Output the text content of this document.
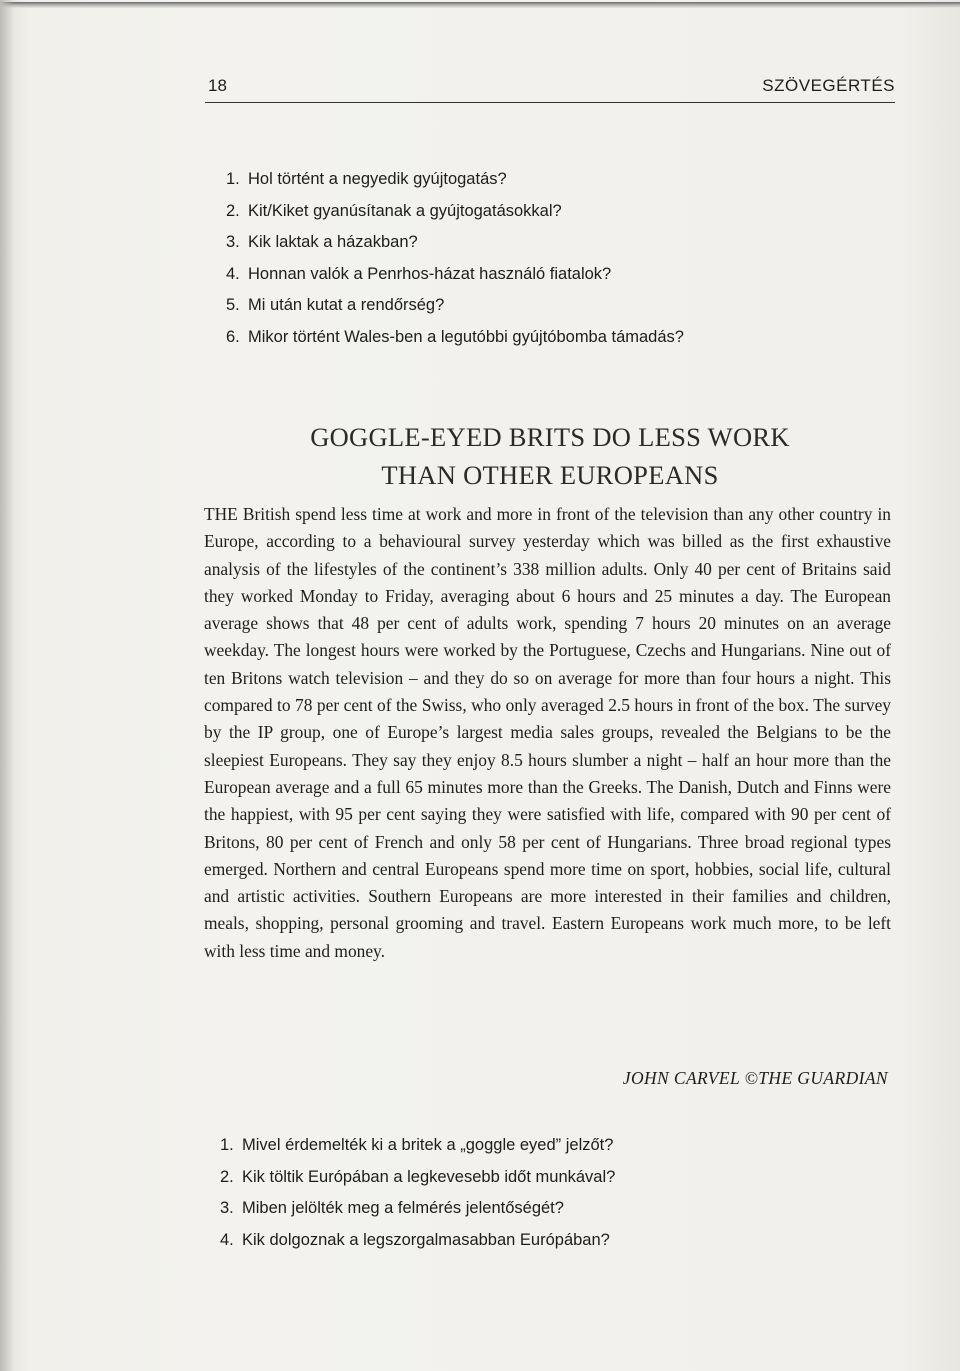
18	SZÖVEGÉRTÉS
1. Hol történt a negyedik gyújtogatás?
2. Kit/Kiket gyanúsítanak a gyújtogatásokkal?
3. Kik laktak a házakban?
4. Honnan valók a Penrhos-házat használó fiatalok?
5. Mi után kutat a rendőrség?
6. Mikor történt Wales-ben a legutóbbi gyújtóbomba támadás?
GOGGLE-EYED BRITS DO LESS WORK
THAN OTHER EUROPEANS

THE British spend less time at work and more in front of the television than any other country in Europe, according to a behavioural survey yesterday which was billed as the first exhaustive analysis of the lifestyles of the continent’s 338 million adults. Only 40 per cent of Britains said they worked Monday to Friday, averaging about 6 hours and 25 minutes a day. The European average shows that 48 per cent of adults work, spending 7 hours 20 minutes on an average weekday. The longest hours were worked by the Portuguese, Czechs and Hungarians. Nine out of ten Britons watch television – and they do so on average for more than four hours a night. This compared to 78 per cent of the Swiss, who only averaged 2.5 hours in front of the box. The survey by the IP group, one of Europe’s largest media sales groups, revealed the Belgians to be the sleepiest Europeans. They say they enjoy 8.5 hours slumber a night – half an hour more than the European average and a full 65 minutes more than the Greeks. The Danish, Dutch and Finns were the happiest, with 95 per cent saying they were satisfied with life, compared with 90 per cent of Britons, 80 per cent of French and only 58 per cent of Hungarians. Three broad regional types emerged. Northern and central Europeans spend more time on sport, hobbies, social life, cultural and artistic activities. Southern Europeans are more interested in their families and children, meals, shopping, personal grooming and travel. Eastern Europeans work much more, to be left with less time and money.

JOHN CARVEL ©THE GUARDIAN
1. Mivel érdemelték ki a britek a „goggle eyed” jelzőt?
2. Kik töltik Európában a legkevesebb időt munkával?
3. Miben jelölték meg a felmérés jelentőségét?
4. Kik dolgoznak a legszorgalmasabban Európában?
